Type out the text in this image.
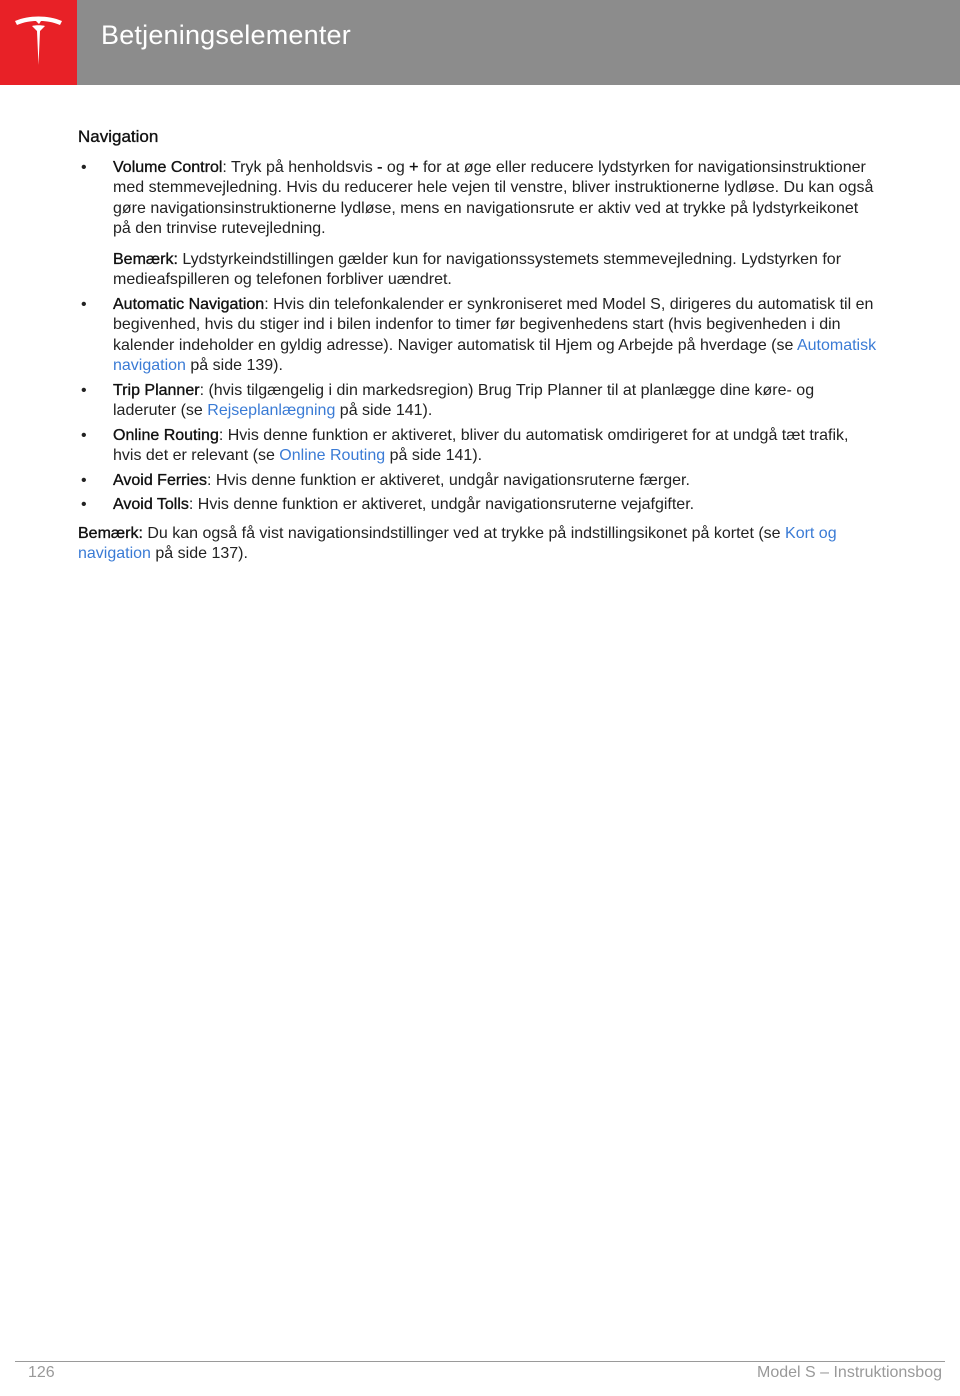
Betjeningselementer
Navigation
• Volume Control: Tryk på henholdsvis - og + for at øge eller reducere lydstyrken for navigationsinstruktioner med stemmevejledning. Hvis du reducerer hele vejen til venstre, bliver instruktionerne lydløse. Du kan også gøre navigationsinstruktionerne lydløse, mens en navigationsrute er aktiv ved at trykke på lydstyrkeikonet på den trinvise rutevejledning.

Bemærk: Lydstyrkeindstillingen gælder kun for navigationssystemets stemmevejledning. Lydstyrken for medieafspilleren og telefonen forbliver uændret.

• Automatic Navigation: Hvis din telefonkalender er synkroniseret med Model S, dirigeres du automatisk til en begivenhed, hvis du stiger ind i bilen indenfor to timer før begivenhedens start (hvis begivenheden i din kalender indeholder en gyldig adresse). Naviger automatisk til Hjem og Arbejde på hverdage (se Automatisk navigation på side 139).
• Trip Planner: (hvis tilgængelig i din markedsregion) Brug Trip Planner til at planlægge dine køre- og laderuter (se Rejseplanlægning på side 141).
• Online Routing: Hvis denne funktion er aktiveret, bliver du automatisk omdirigeret for at undgå tæt trafik, hvis det er relevant (se Online Routing på side 141).
• Avoid Ferries: Hvis denne funktion er aktiveret, undgår navigationsruterne færger.
• Avoid Tolls: Hvis denne funktion er aktiveret, undgår navigationsruterne vejafgifter.

Bemærk: Du kan også få vist navigationsindstillinger ved at trykke på indstillingsikonet på kortet (se Kort og navigation på side 137).

126	Model S – Instruktionsbog
